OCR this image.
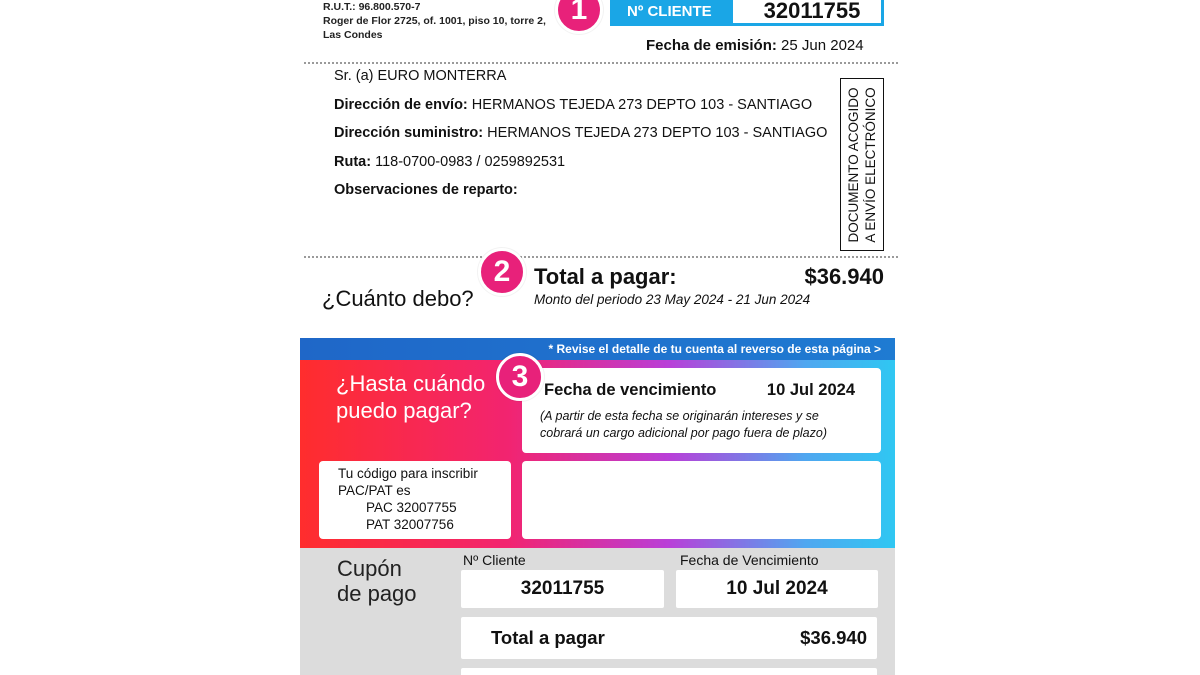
R.U.T.: 96.800.570-7
Roger de Flor 2725, of. 1001, piso 10, torre 2,
Las Condes
1	Nº CLIENTE	32011755
Fecha de emisión: 25 Jun 2024
Sr. (a) EURO MONTERRA
Dirección de envío: HERMANOS TEJEDA 273 DEPTO 103 - SANTIAGO
Dirección suministro: HERMANOS TEJEDA 273 DEPTO 103 - SANTIAGO
Ruta: 118-0700-0983 / 0259892531
Observaciones de reparto:	DOCUMENTO ACOGIDO A ENVÍO ELECTRÓNICO
2
¿Cuánto debo?
Total a pagar:	$36.940
Monto del periodo 23 May 2024 - 21 Jun 2024
* Revise el detalle de tu cuenta al reverso de esta página >
¿Hasta cuándo
puedo pagar?
Fecha de vencimiento	10 Jul 2024
(A partir de esta fecha se originarán intereses y se
cobrará un cargo adicional por pago fuera de plazo)
3
Tu código para inscribir
PAC/PAT es
PAC 32007755
PAT 32007756
Cupón
de pago
Nº Cliente
32011755
Fecha de Vencimiento
10 Jul 2024
Total a pagar	$36.940
